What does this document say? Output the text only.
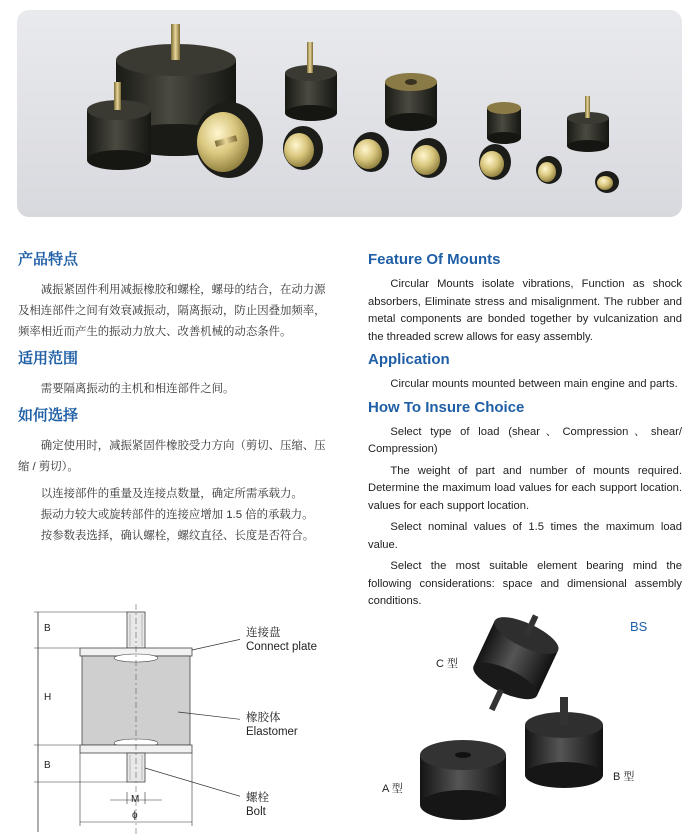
产品特点

减振紧固件利用减振橡胶和螺栓，螺母的结合，在动力源及相连部件之间有效衰减振动，隔离振动，防止因叠加频率，频率相近而产生的振动力放大、改善机械的动态条件。

适用范围

需要隔离振动的主机和相连部件之间。

如何选择

确定使用时，减振紧固件橡胶受力方向（剪切、压缩、压缩 / 剪切）。

以连接部件的重量及连接点数量，确定所需承载力。

振动力较大或旋转部件的连接应增加 1.5 倍的承载力。

按参数表选择，确认螺栓，螺纹直径、长度是否符合。

Feature Of Mounts

Circular Mounts isolate vibrations, Function as shock absorbers, Eliminate stress and misalignment. The rubber and metal components are bonded together by vulcanization and the threaded screw allows for easy assembly.

Application

Circular mounts mounted between main engine and parts.

How To Insure Choice

Select type of load (shear、Compression、shear/ Compression)

The weight of part and number of mounts required. Determine the maximum load values for each support location. values for each support location.

Select nominal values of 1.5 times the maximum load value.

Select the most suitable element bearing mind the following considerations: space and dimensional assembly conditions.

B
H
B
M
ϕ
连接盘
Connect plate
橡胶体
Elastomer
螺栓
Bolt
BS
C 型
A 型
B 型
